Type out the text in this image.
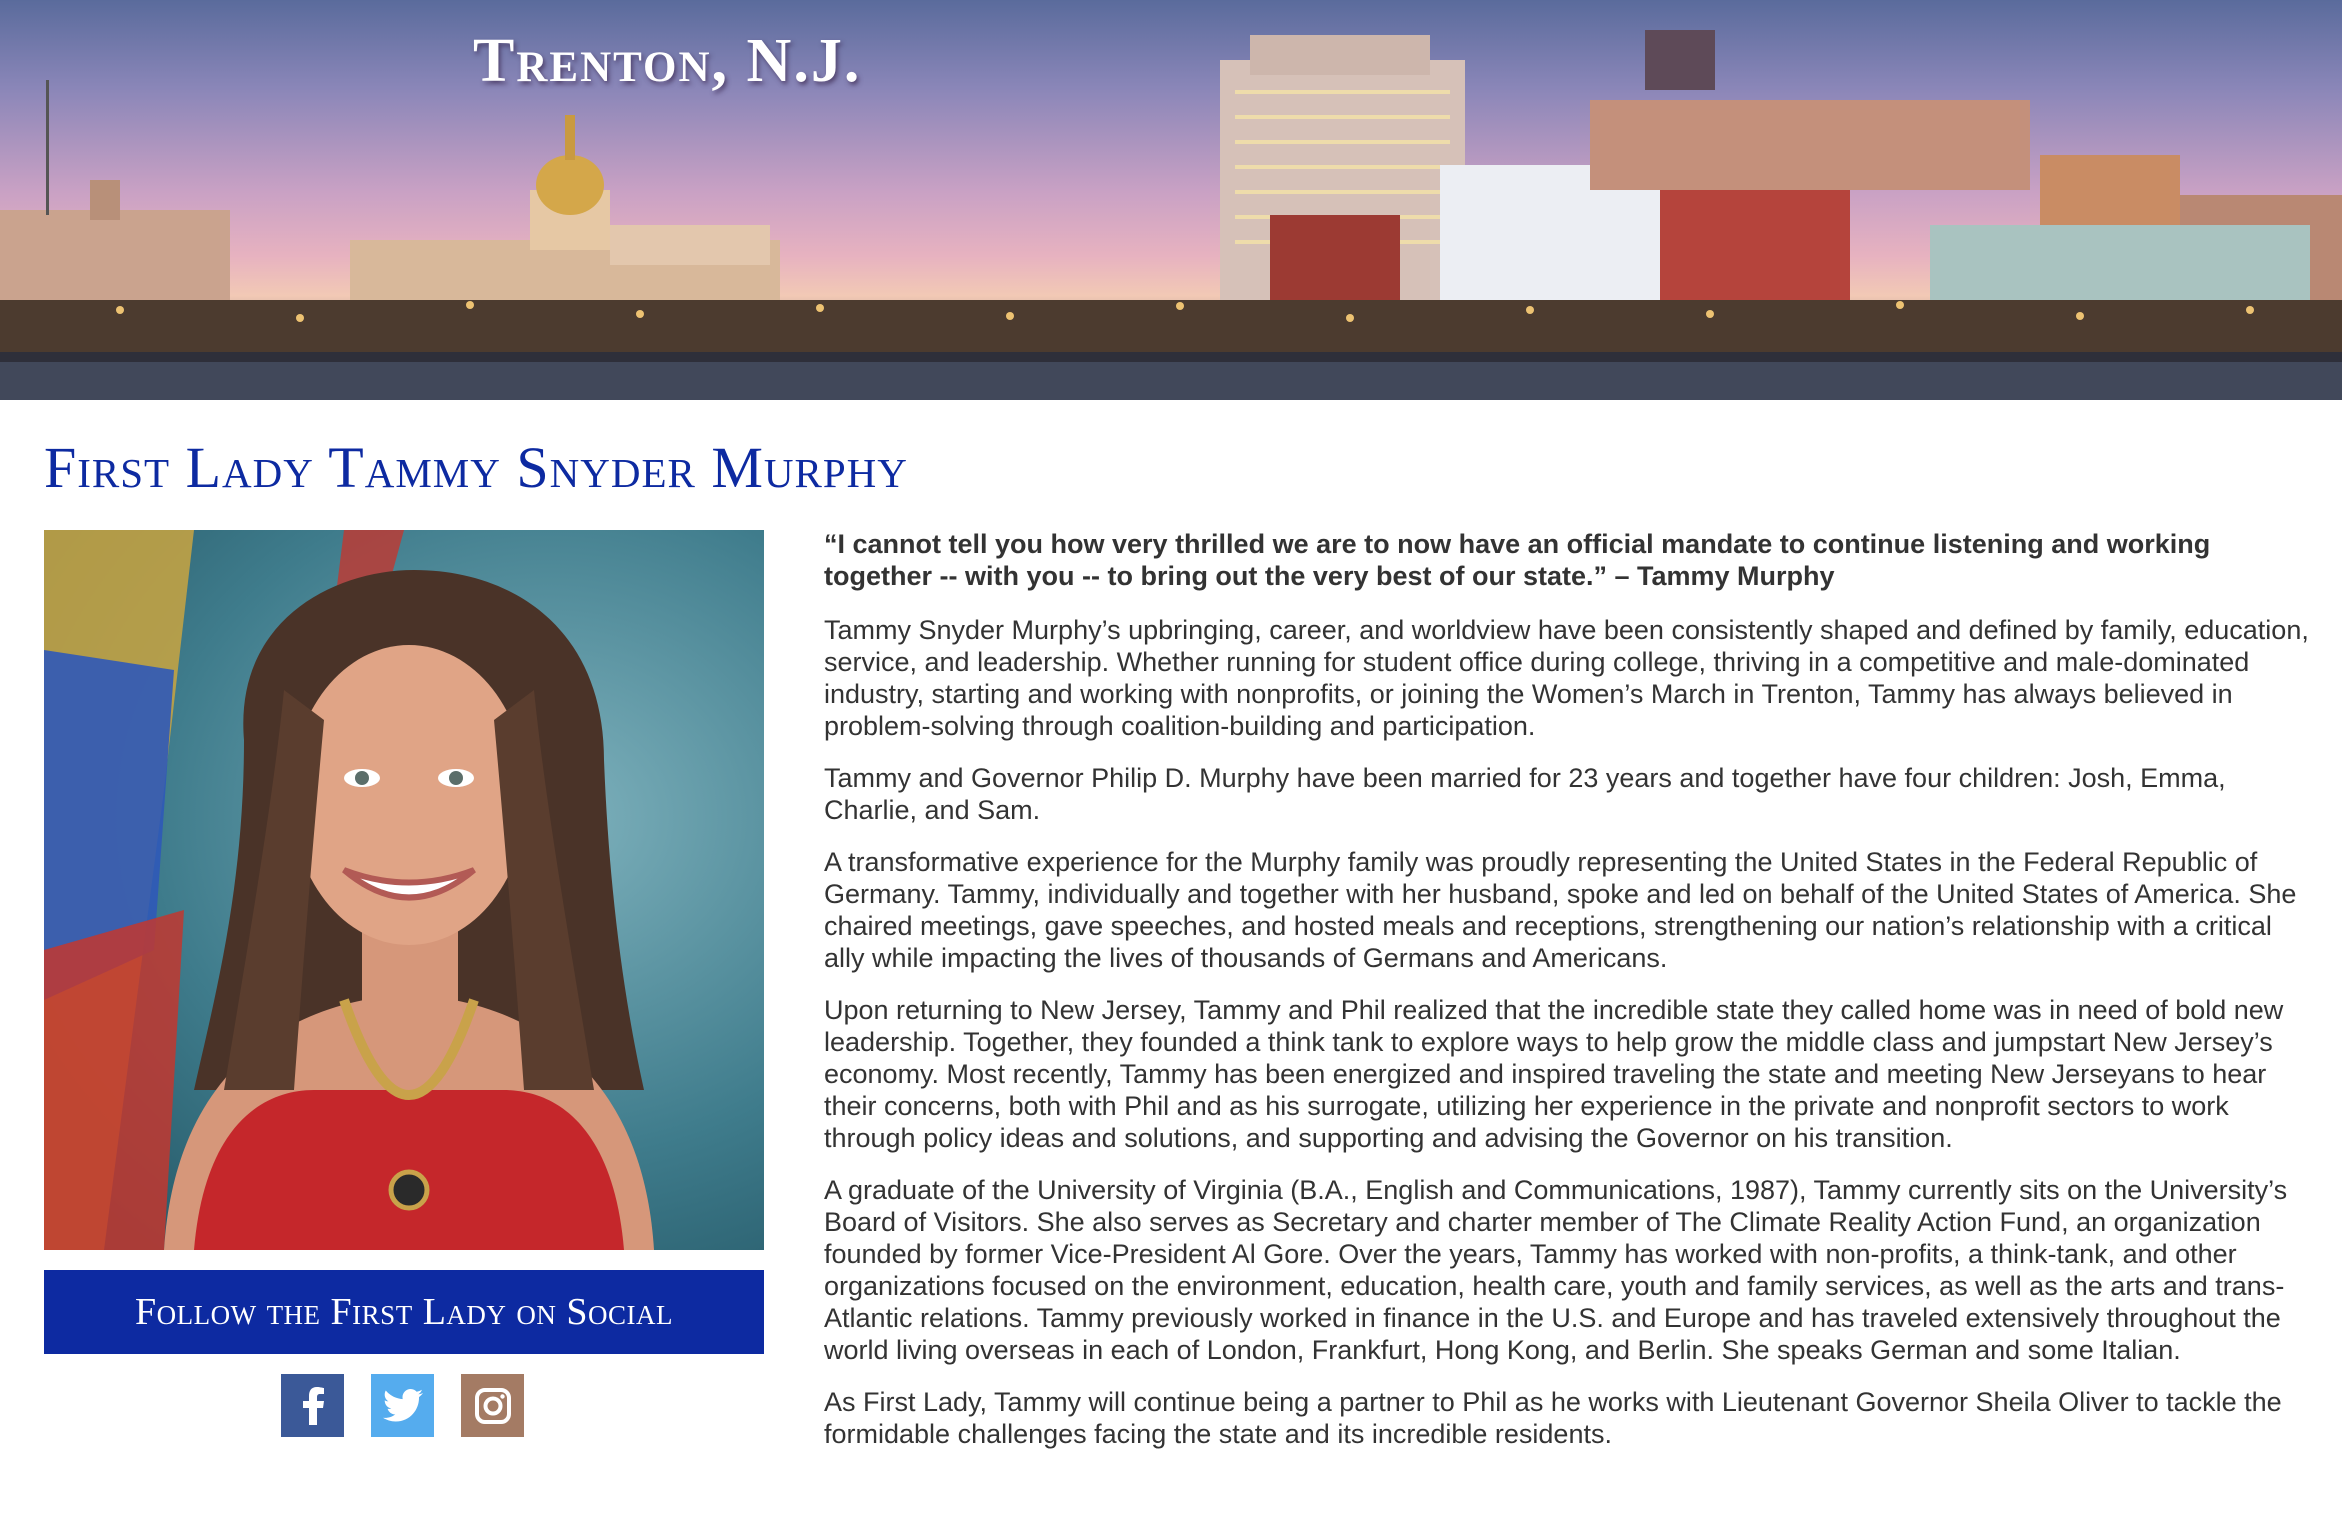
Trenton, N.J.
First Lady Tammy Snyder Murphy
Follow the First Lady on Social

“I cannot tell you how very thrilled we are to now have an official mandate to continue listening and working together -- with you -- to bring out the very best of our state.” – Tammy Murphy

Tammy Snyder Murphy’s upbringing, career, and worldview have been consistently shaped and defined by family, education, service, and leadership. Whether running for student office during college, thriving in a competitive and male-dominated industry, starting and working with nonprofits, or joining the Women’s March in Trenton, Tammy has always believed in problem-solving through coalition-building and participation.

Tammy and Governor Philip D. Murphy have been married for 23 years and together have four children: Josh, Emma, Charlie, and Sam.

A transformative experience for the Murphy family was proudly representing the United States in the Federal Republic of Germany. Tammy, individually and together with her husband, spoke and led on behalf of the United States of America. She chaired meetings, gave speeches, and hosted meals and receptions, strengthening our nation’s relationship with a critical ally while impacting the lives of thousands of Germans and Americans.

Upon returning to New Jersey, Tammy and Phil realized that the incredible state they called home was in need of bold new leadership. Together, they founded a think tank to explore ways to help grow the middle class and jumpstart New Jersey’s economy. Most recently, Tammy has been energized and inspired traveling the state and meeting New Jerseyans to hear their concerns, both with Phil and as his surrogate, utilizing her experience in the private and nonprofit sectors to work through policy ideas and solutions, and supporting and advising the Governor on his transition.

A graduate of the University of Virginia (B.A., English and Communications, 1987), Tammy currently sits on the University’s Board of Visitors. She also serves as Secretary and charter member of The Climate Reality Action Fund, an organization founded by former Vice-President Al Gore. Over the years, Tammy has worked with non-profits, a think-tank, and other organizations focused on the environment, education, health care, youth and family services, as well as the arts and trans-Atlantic relations. Tammy previously worked in finance in the U.S. and Europe and has traveled extensively throughout the world living overseas in each of London, Frankfurt, Hong Kong, and Berlin. She speaks German and some Italian.

As First Lady, Tammy will continue being a partner to Phil as he works with Lieutenant Governor Sheila Oliver to tackle the formidable challenges facing the state and its incredible residents.
